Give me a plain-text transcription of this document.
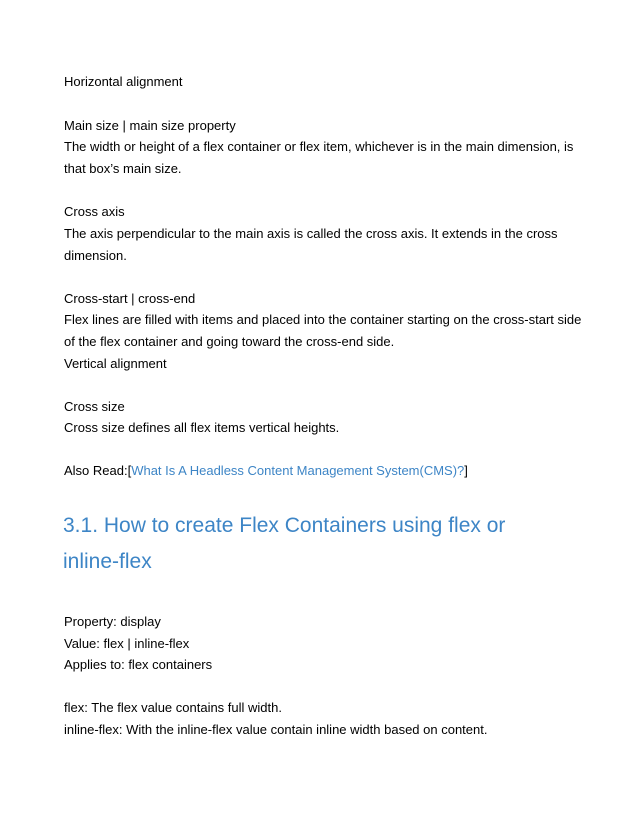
Horizontal alignment

Main size | main size property

The width or height of a flex container or flex item, whichever is in the main dimension, is

that box’s main size.

Cross axis

The axis perpendicular to the main axis is called the cross axis. It extends in the cross

dimension.

Cross-start | cross-end

Flex lines are filled with items and placed into the container starting on the cross-start side

of the flex container and going toward the cross-end side.

Vertical alignment

Cross size

Cross size defines all flex items vertical heights.

Also Read:[What Is A Headless Content Management System(CMS)?]

3.1. How to create Flex Containers using flex or
inline-flex

Property: display

Value: flex | inline-flex

Applies to: flex containers

flex: The flex value contains full width.

inline-flex: With the inline-flex value contain inline width based on content.
